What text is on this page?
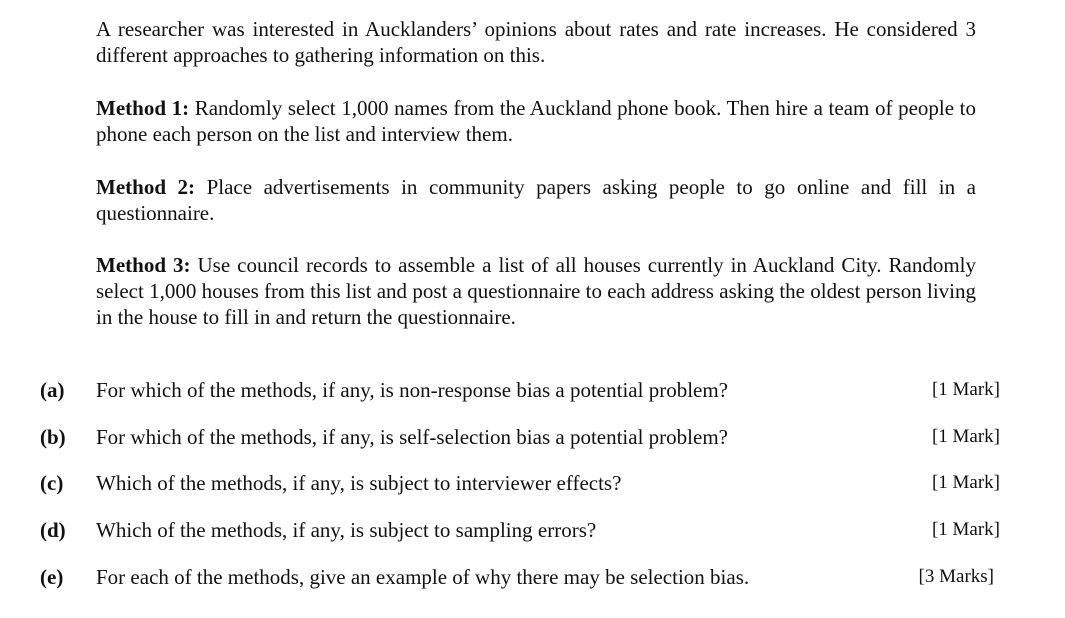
A researcher was interested in Aucklanders’ opinions about rates and rate increases. He considered 3 different approaches to gathering information on this.

Method 1: Randomly select 1,000 names from the Auckland phone book. Then hire a team of people to phone each person on the list and interview them.

Method 2: Place advertisements in community papers asking people to go online and fill in a questionnaire.

Method 3: Use council records to assemble a list of all houses currently in Auckland City. Randomly select 1,000 houses from this list and post a questionnaire to each address asking the oldest person living in the house to fill in and return the questionnaire.

(a) For which of the methods, if any, is non-response bias a potential problem?	[1 Mark]
(b) For which of the methods, if any, is self-selection bias a potential problem?	[1 Mark]
(c) Which of the methods, if any, is subject to interviewer effects?	[1 Mark]
(d) Which of the methods, if any, is subject to sampling errors?	[1 Mark]
(e) For each of the methods, give an example of why there may be selection bias.	[3 Marks]
